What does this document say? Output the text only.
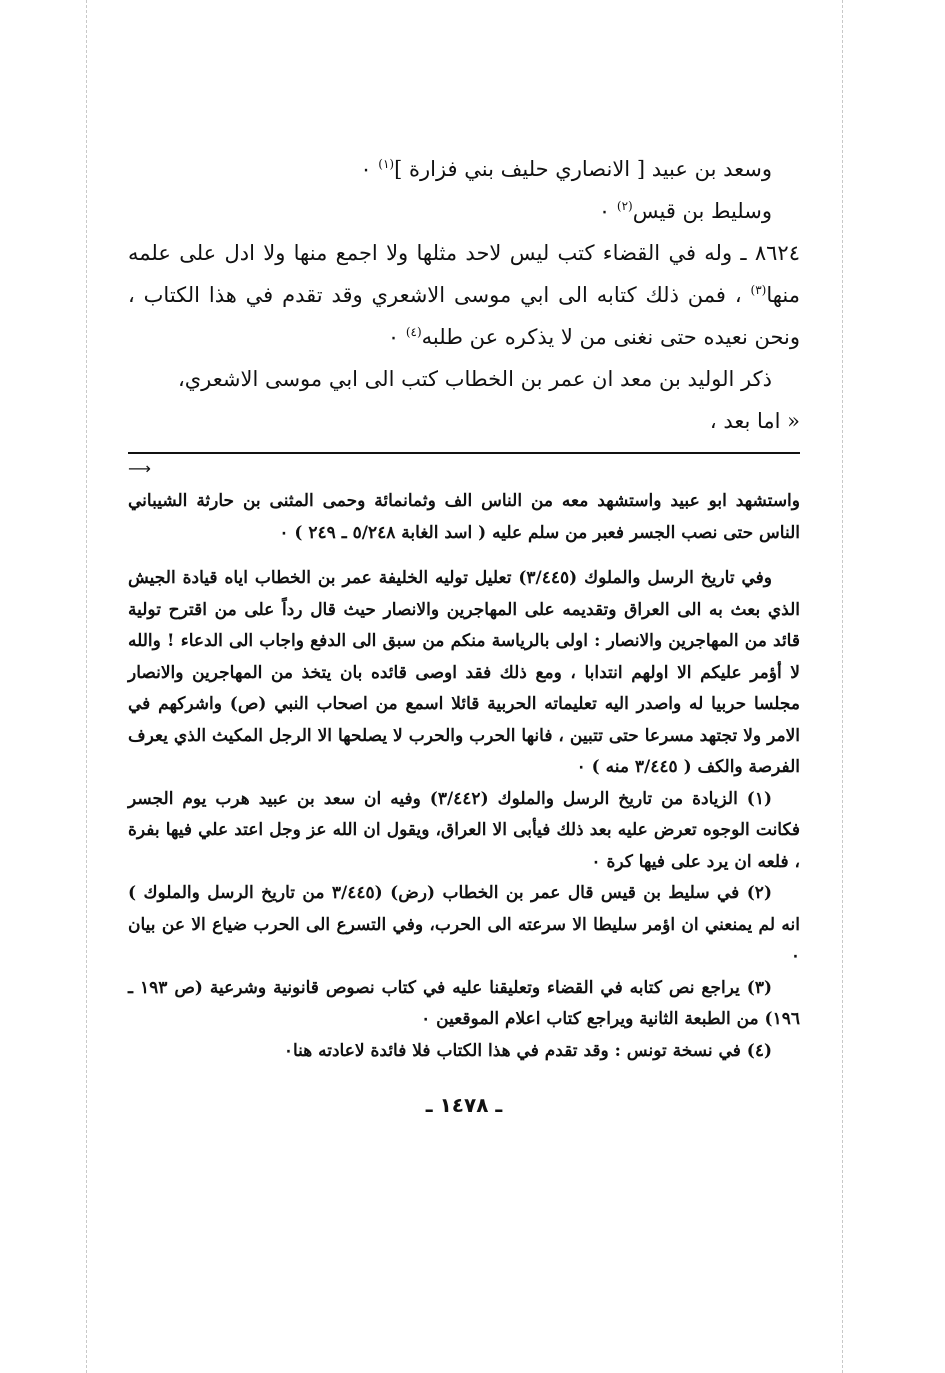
وسعد بن عبيد [ الانصاري حليف بني فزارة ]$^{(١)}$ ٠

وسليط بن قيس$^{(٢)}$ ٠

٨٦٢٤ ـ وله في القضاء كتب ليس لاحد مثلها ولا اجمع منها ولا ادل على علمه منها$^{(٣)}$ ، فمن ذلك كتابه الى ابي موسى الاشعري وقد تقدم في هذا الكتاب ، ونحن نعيده حتى نغنى من لا يذكره عن طلبه$^{(٤)}$ ٠

ذكر الوليد بن معد ان عمر بن الخطاب كتب الى ابي موسى الاشعري،

« اما بعد ،

⟶

واستشهد ابو عبيد واستشهد معه من الناس الف وثمانمائة وحمى المثنى بن حارثة الشيباني الناس حتى نصب الجسر فعبر من سلم عليه ( اسد الغابة ٥/٢٤٨ ـ ٢٤٩ ) ٠

وفي تاريخ الرسل والملوك (٣/٤٤٥) تعليل توليه الخليفة عمر بن الخطاب اياه قيادة الجيش الذي بعث به الى العراق وتقديمه على المهاجرين والانصار حيث قال رداً على من اقترح تولية قائد من المهاجرين والانصار : اولى بالرياسة منكم من سبق الى الدفع واجاب الى الدعاء ! والله لا أؤمر عليكم الا اولهم انتدابا ، ومع ذلك فقد اوصى قائده بان يتخذ من المهاجرين والانصار مجلسا حربيا له واصدر اليه تعليماته الحربية قائلا اسمع من اصحاب النبي (ص) واشركهم في الامر ولا تجتهد مسرعا حتى تتبين ، فانها الحرب والحرب لا يصلحها الا الرجل المكيث الذي يعرف الفرصة والكف ( ٣/٤٤٥ منه ) ٠

(١) الزيادة من تاريخ الرسل والملوك (٣/٤٤٢) وفيه ان سعد بن عبيد هرب يوم الجسر فكانت الوجوه تعرض عليه بعد ذلك فيأبى الا العراق، ويقول ان الله عز وجل اعتد علي فيها بفرة ، فلعه ان يرد على فيها كرة ٠

(٢) في سليط بن قيس قال عمر بن الخطاب (رض) (٣/٤٤٥ من تاريخ الرسل والملوك ) انه لم يمنعني ان اؤمر سليطا الا سرعته الى الحرب، وفي التسرع الى الحرب ضياع الا عن بيان ٠

(٣) يراجع نص كتابه في القضاء وتعليقنا عليه في كتاب نصوص قانونية وشرعية (ص ١٩٣ ـ ١٩٦) من الطبعة الثانية ويراجع كتاب اعلام الموقعين ٠

(٤) في نسخة تونس : وقد تقدم في هذا الكتاب فلا فائدة لاعادته هنا٠

ـ ١٤٧٨ ـ
